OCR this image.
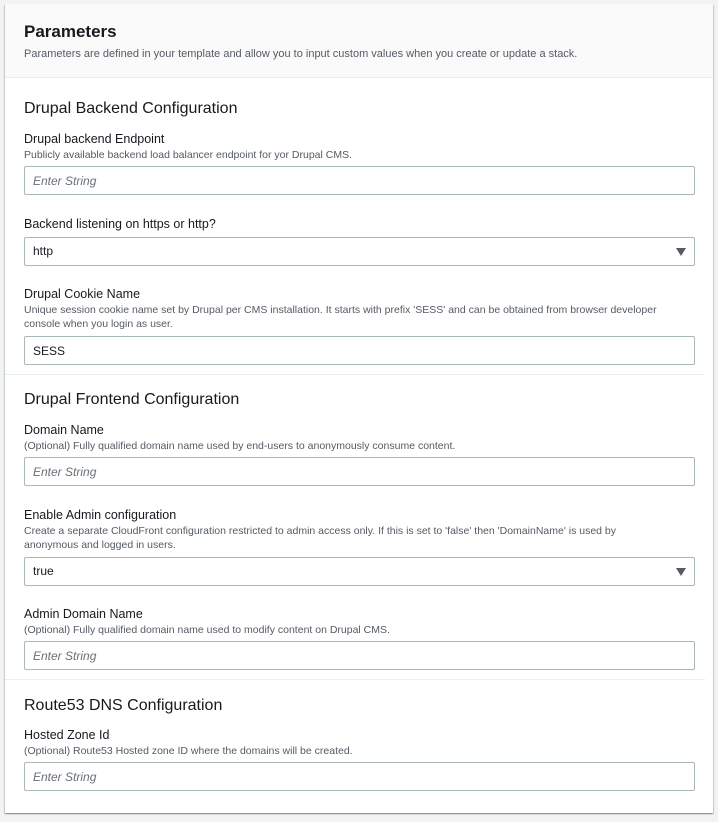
Parameters
Parameters are defined in your template and allow you to input custom values when you create or update a stack.
Drupal Backend Configuration
Drupal backend Endpoint
Publicly available backend load balancer endpoint for yor Drupal CMS.
Enter String
Backend listening on https or http?
http
Drupal Cookie Name
Unique session cookie name set by Drupal per CMS installation. It starts with prefix 'SESS' and can be obtained from browser developer
console when you login as user.
SESS
Drupal Frontend Configuration
Domain Name
(Optional) Fully qualified domain name used by end-users to anonymously consume content.
Enter String
Enable Admin configuration
Create a separate CloudFront configuration restricted to admin access only. If this is set to 'false' then 'DomainName' is used by
anonymous and logged in users.
true
Admin Domain Name
(Optional) Fully qualified domain name used to modify content on Drupal CMS.
Enter String
Route53 DNS Configuration
Hosted Zone Id
(Optional) Route53 Hosted zone ID where the domains will be created.
Enter String
